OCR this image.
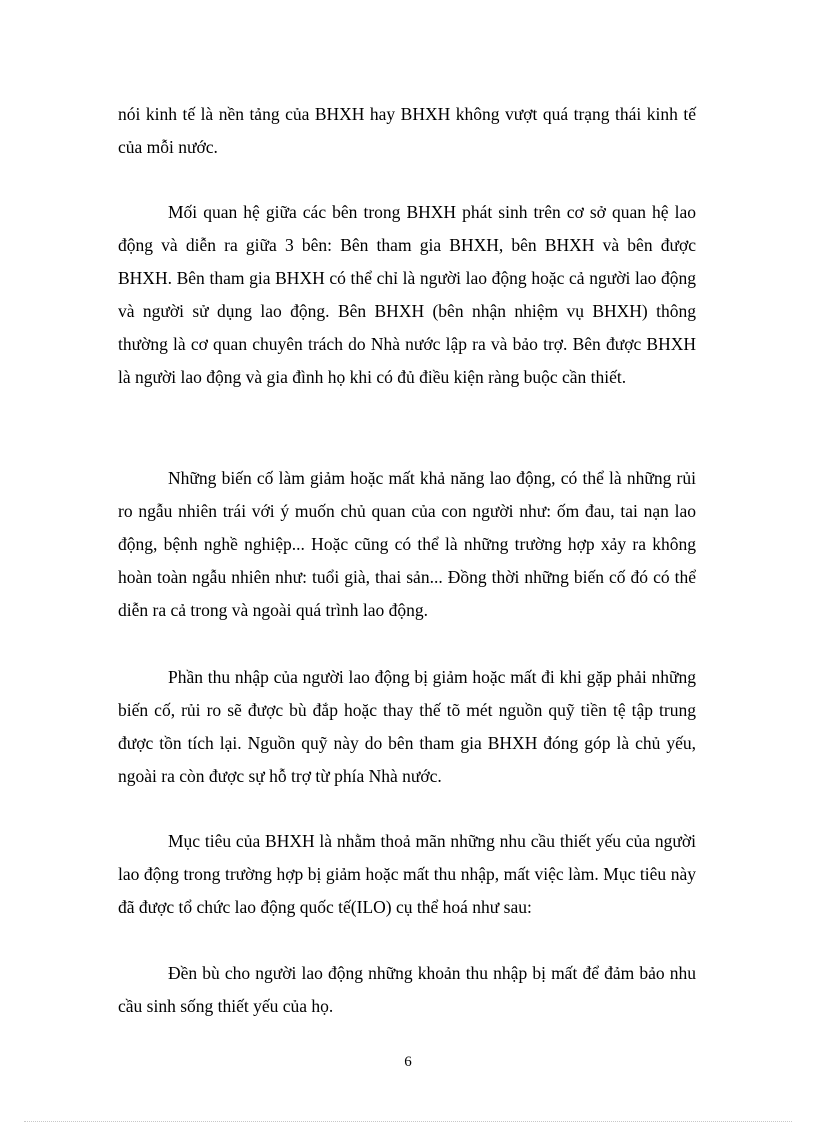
nói kinh tế là nền tảng của BHXH hay BHXH không vượt quá trạng thái kinh tế của mỗi nước.

Mối quan hệ giữa các bên trong BHXH phát sinh trên cơ sở quan hệ lao động và diễn ra giữa 3 bên: Bên tham gia BHXH, bên BHXH và bên được BHXH. Bên tham gia BHXH có thể chỉ là người lao động hoặc cả người lao động và người sử dụng lao động. Bên BHXH (bên nhận nhiệm vụ BHXH) thông thường là cơ quan chuyên trách do Nhà nước lập ra và bảo trợ. Bên được BHXH là người lao động và gia đình họ khi có đủ điều kiện ràng buộc cần thiết.

Những biến cố làm giảm hoặc mất khả năng lao động, có thể là những rủi ro ngẫu nhiên trái với ý muốn chủ quan của con người như: ốm đau, tai nạn lao động, bệnh nghề nghiệp... Hoặc cũng có thể là những trường hợp xảy ra không hoàn toàn ngẫu nhiên như: tuổi già, thai sản... Đồng thời những biến cố đó có thể diễn ra cả trong và ngoài quá trình lao động.

Phần thu nhập của người lao động bị giảm hoặc mất đi khi gặp phải những biến cố, rủi ro sẽ được bù đắp hoặc thay thế tõ mét nguồn quỹ tiền tệ tập trung được tồn tích lại. Nguồn quỹ này do bên tham gia BHXH đóng góp là chủ yếu, ngoài ra còn được sự hỗ trợ từ phía Nhà nước.

Mục tiêu của BHXH là nhằm thoả mãn những nhu cầu thiết yếu của người lao động trong trường hợp bị giảm hoặc mất thu nhập, mất việc làm. Mục tiêu này đã được tổ chức lao động quốc tế(ILO) cụ thể hoá như sau:

Đền bù cho người lao động những khoản thu nhập bị mất để đảm bảo nhu cầu sinh sống thiết yếu của họ.

6
